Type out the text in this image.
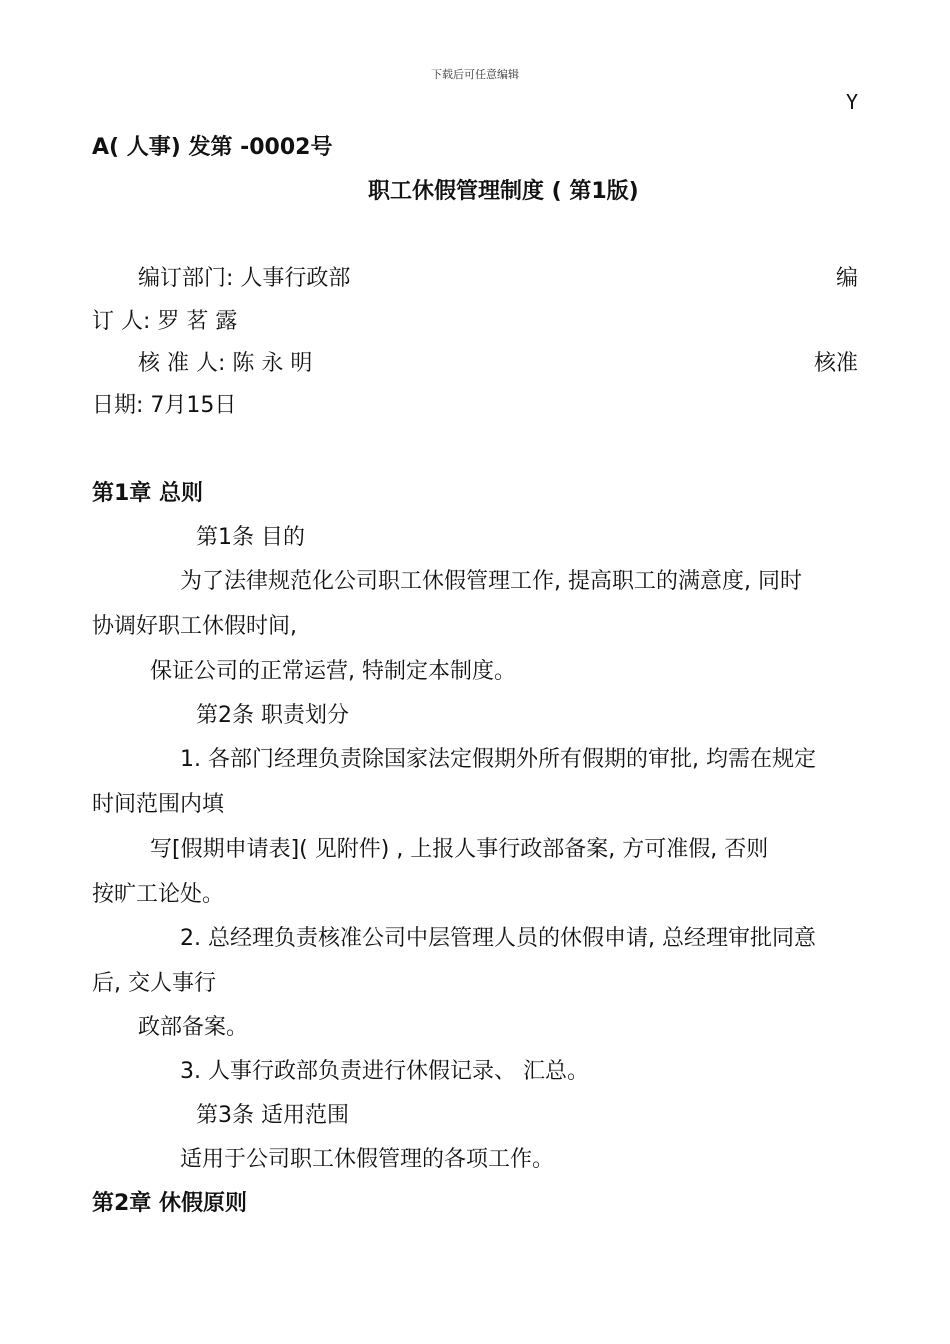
下载后可任意编辑
Y
A( 人事) 发第 -0002号
职工休假管理制度 ( 第1版)
编订部门: 人事行政部	编
订 人: 罗 茗 露
核 准 人: 陈 永 明	核准
日期: 7月15日
第1章 总则
第1条 目的
为了法律规范化公司职工休假管理工作, 提高职工的满意度, 同时
协调好职工休假时间,
保证公司的正常运营, 特制定本制度。
第2条 职责划分
1. 各部门经理负责除国家法定假期外所有假期的审批, 均需在规定
时间范围内填
写[假期申请表]( 见附件) , 上报人事行政部备案, 方可准假, 否则
按旷工论处。
2. 总经理负责核准公司中层管理人员的休假申请, 总经理审批同意
后, 交人事行
政部备案。
3. 人事行政部负责进行休假记录、 汇总。
第3条 适用范围
适用于公司职工休假管理的各项工作。
第2章 休假原则
